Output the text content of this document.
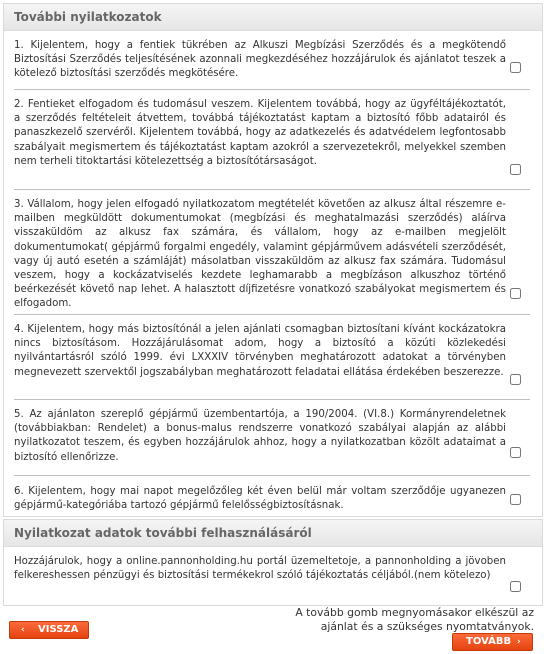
További nyilatkozatok
1. Kijelentem, hogy a fentiek tükrében az Alkuszi Megbízási Szerződés és a megkötendő Biztosítási Szerződés teljesítésének azonnali megkezdéséhez hozzájárulok és ajánlatot teszek a kötelező biztosítási szerződés megkötésére.
2. Fentieket elfogadom és tudomásul veszem. Kijelentem továbbá, hogy az ügyféltájékoztatót, a szerződés feltételeit átvettem, továbbá tájékoztatást kaptam a biztosító főbb adatairól és panaszkezelő szervéről. Kijelentem továbbá, hogy az adatkezelés és adatvédelem legfontosabb szabályait megismertem és tájékoztatást kaptam azokról a szervezetekről, melyekkel szemben nem terheli titoktartási kötelezettség a biztosítótársaságot.
3. Vállalom, hogy jelen elfogadó nyilatkozatom megtételét követően az alkusz által részemre e-mailben megküldött dokumentumokat (megbízási és meghatalmazási szerződés) aláírva visszaküldöm az alkusz fax számára, és vállalom, hogy az e-mailben megjelölt dokumentumokat( gépjármű forgalmi engedély, valamint gépjárművem adásvételi szerződését, vagy új autó esetén a számláját) másolatban visszaküldöm az alkusz fax számára. Tudomásul veszem, hogy a kockázatviselés kezdete leghamarabb a megbízáson alkuszhoz történő beérkezését követő nap lehet. A halasztott díjfizetésre vonatkozó szabályokat megismertem és elfogadom.
4. Kijelentem, hogy más biztosítónál a jelen ajánlati csomagban biztosítani kívánt kockázatokra nincs biztosításom. Hozzájárulásomat adom, hogy a biztosító a közúti közlekedési nyilvántartásról szóló 1999. évi LXXXIV törvényben meghatározott adatokat a törvényben megnevezett szervektől jogszabályban meghatározott feladatai ellátása érdekében beszerezze.
5. Az ajánlaton szereplő gépjármű üzembentartója, a 190/2004. (VI.8.) Kormányrendeletnek (továbbiakban: Rendelet) a bonus-malus rendszerre vonatkozó szabályai alapján az alábbi nyilatkozatot teszem, és egyben hozzájárulok ahhoz, hogy a nyilatkozatban közölt adataimat a biztosító ellenőrizze.
6. Kijelentem, hogy mai napot megelőzőleg két éven belül már voltam szerződője ugyanezen gépjármű-kategóriába tartozó gépjármű felelősségbiztosításnak.
Nyilatkozat adatok további felhasználásáról
Hozzájárulok, hogy a online.pannonholding.hu portál üzemeltetoje, a pannonholding a jövoben felkereshessen pénzügyi és biztosítási termékekrol szóló tájékoztatás céljából.(nem kötelezo)
A tovább gomb megnyomásakor elkészül az ajánlat és a szükséges nyomtatványok.
‹ VISSZA
TOVÁBB ›
